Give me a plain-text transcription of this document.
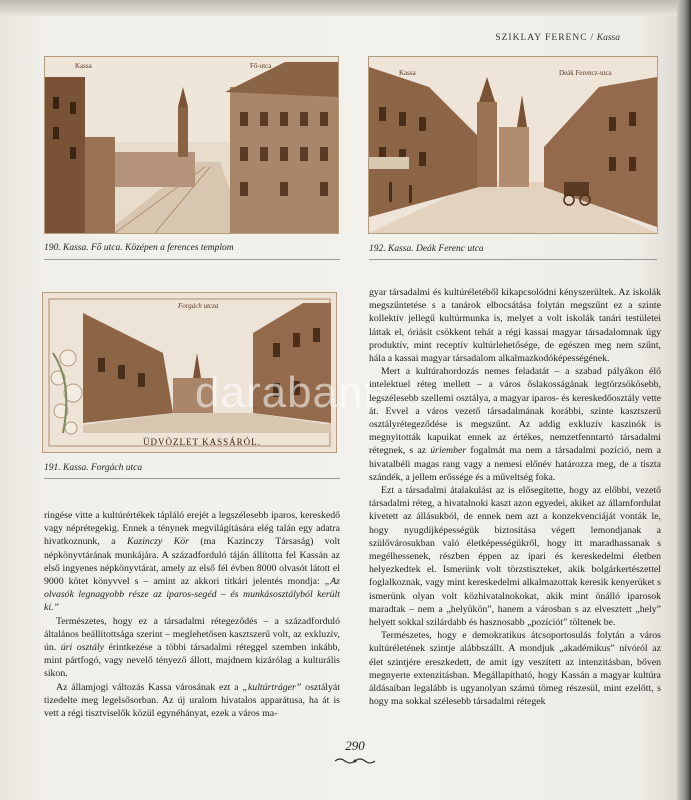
SZIKLAY FERENC / Kassa
Kassa	Fő-utca
190. Kassa. Fő utca. Középen a ferences templom
Kassa	Deák Ferencz-utca
192. Kassa. Deák Ferenc utca
Forgách utcza
ÜDVÖZLET KASSÁRÓL.
191. Kassa. Forgách utca
darabanth

ringése vitte a kultúrértékek tápláló erejét a legszélesebb iparos, kereskedő vagy néprétegekig. Ennek a ténynek megvilágítására elég talán egy adatra hivatkoznunk, a Kazinczy Kör (ma Kazinczy Társaság) volt népkönyvtárának munkájára. A századforduló táján állította fel Kassán az első ingyenes népkönyvtárat, amely az első fél évben 8000 olvasót látott el 9000 kötet könyvvel s – amint az akkori titkári jelentés mondja: „Az olvasók legnagyobb része az iparos-segéd – és munkásosztályból került ki.”

Természetes, hogy ez a társadalmi rétegeződés – a századforduló általános beállítottsága szerint – meglehetősen kasztszerű volt, az exkluzív, ún. úri osztály érintkezése a többi társadalmi réteggel szemben inkább, mint pártfogó, vagy nevelő tényező állott, majdnem kizárólag a kulturális síkon.

Az államjogi változás Kassa városának ezt a „kultúrtráger” osztályát tizedelte meg legelsősorban. Az új uralom hivatalos apparátusa, ha át is vett a régi tisztviselők közül egynéhányat, ezek a város ma-

gyar társadalmi és kultúréletéből kikapcsolódni kényszerültek. Az iskolák megszűntetése s a tanárok elbocsátása folytán megszűnt ez a szinte kollektív jellegű kultúrmunka is, melyet a volt iskolák tanári testületei láttak el, óriásit csökkent tehát a régi kassai magyar társadalomnak úgy produktív, mint receptív kultúrlehetősége, de egészen meg nem szűnt, hála a kassai magyar társadalom alkalmazkodóképességének.

Mert a kultúrahordozás nemes feladatát – a szabad pályákon élő intelektuel réteg mellett – a város őslakosságának legtörzsökösebb, legszélesebb szellemi osztálya, a magyar iparos- és kereskedőosztály vette át. Evvel a város vezető társadalmának korábbi, szinte kasztszerű osztályrétegeződése is megszűnt. Az addig exkluzív kaszinók is megnyitották kapuikat ennek az értékes, nemzetfenntartó társadalmi rétegnek, s az úriember fogalmát ma nem a társadalmi pozíció, nem a hivatalbéli magas rang vagy a nemesi előnév határozza meg, de a tiszta szándék, a jellem erőssége és a műveltség foka.

Ezt a társadalmi átalakulást az is elősegítette, hogy az előbbi, vezető társadalmi réteg, a hivatalnoki kaszt azon egyedei, akiket az államfordulat kivetett az állásukból, de ennek nem azt a konzekvenciáját vonták le, hogy nyugdíjképességük biztosítása végett lemondjanak a szülővárosukban való életképességükről, hogy itt maradhassanak s megélhessenek, részben éppen az ipari és kereskedelmi életben helyezkedtek el. Ismerünk volt törzstiszteket, akik bolgárkertészettel foglalkoznak, vagy mint kereskedelmi alkalmazottak keresik kenyerüket s ismerünk olyan volt közhivatalnokokat, akik mint önálló iparosok maradtak – nem a „helyükön”, hanem a városban s az elvesztett „hely” helyett sokkal szilárdabb és hasznosabb „pozíciót” töltenek be.

Természetes, hogy e demokratikus átcsoportosulás folytán a város kultúréletének szintje alábbszállt. A mondjuk „akadémikus” nívóról az élet szintjére ereszkedett, de amit így veszített az intenzitásban, bőven megnyerte extenzitásban. Megállapítható, hogy Kassán a magyar kultúra áldásaiban legalább is ugyanolyan számú tömeg részesül, mint ezelőtt, s hogy ma sokkal szélesebb társadalmi rétegek

290
